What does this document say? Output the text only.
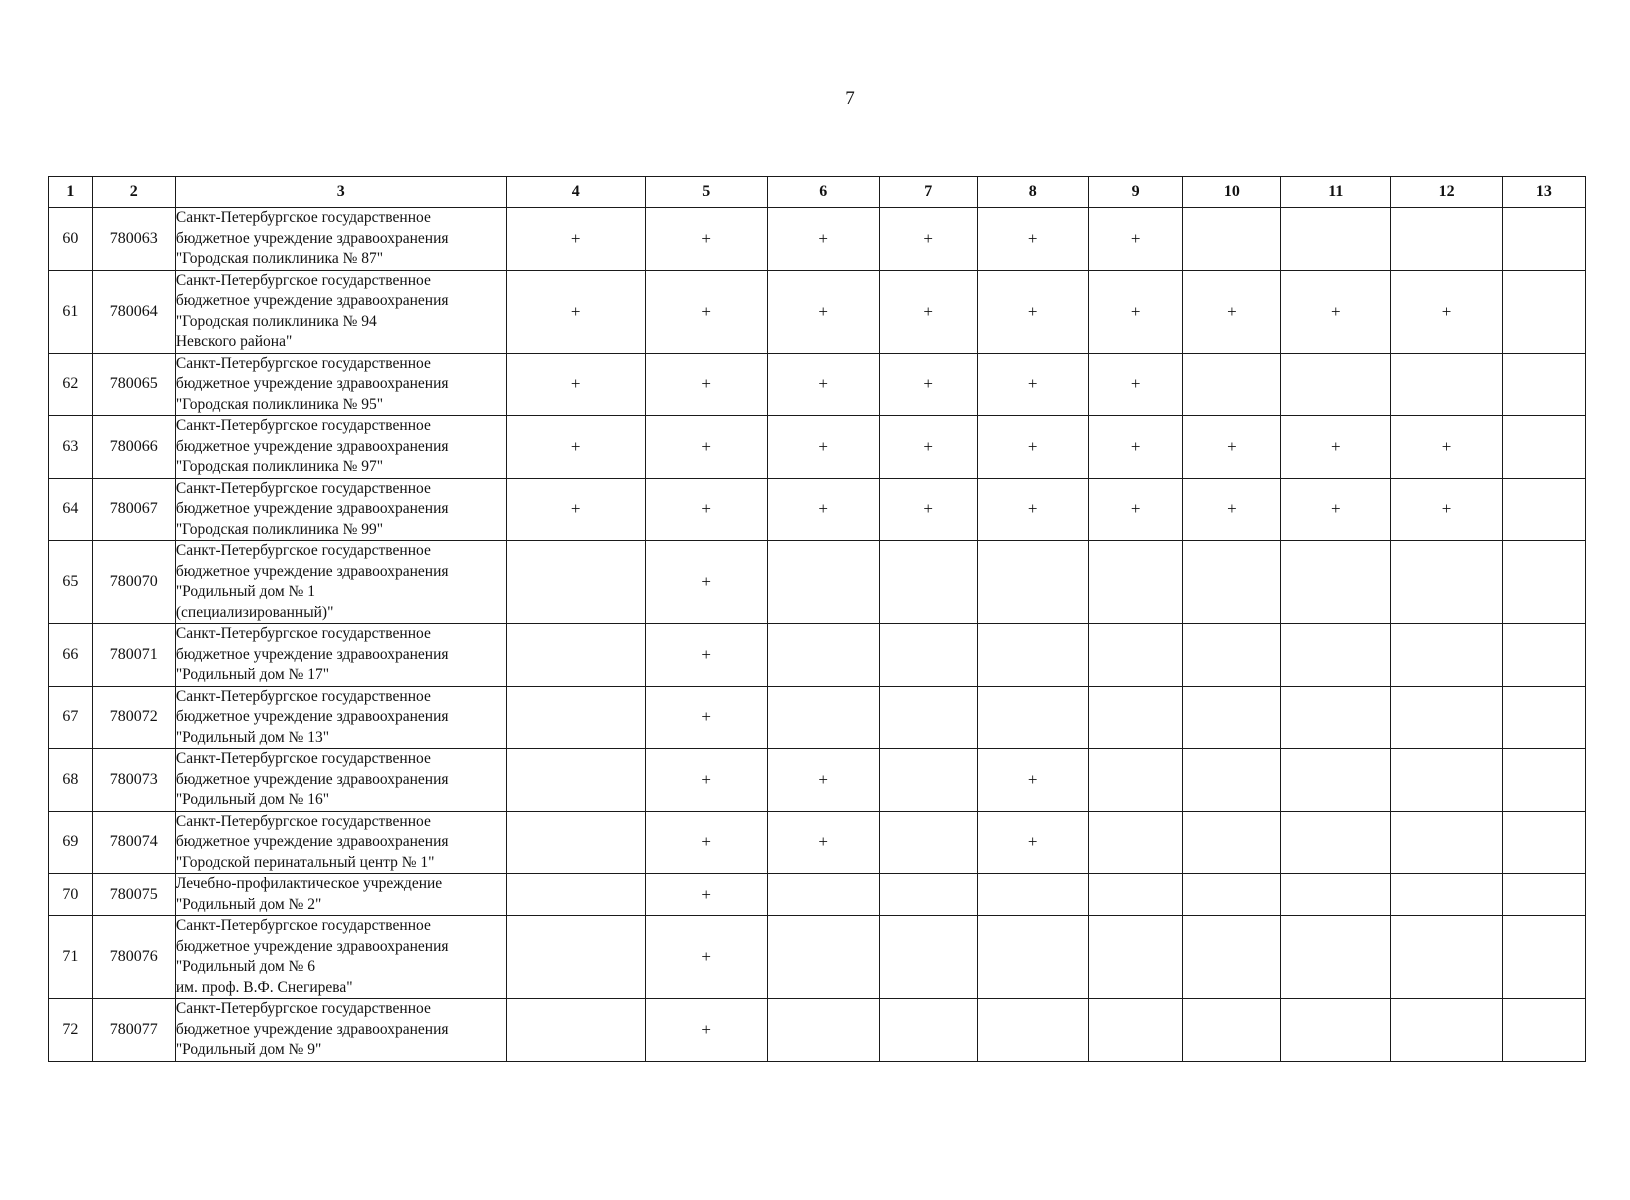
7
1	2	3	4	5	6	7	8	9	10	11	12	13
60	780063	Санкт-Петербургское государственное
бюджетное учреждение здравоохранения
"Городская поликлиника № 87"	+	+	+	+	+	+				
61	780064	Санкт-Петербургское государственное
бюджетное учреждение здравоохранения
"Городская поликлиника № 94
Невского района"	+	+	+	+	+	+	+	+	+	
62	780065	Санкт-Петербургское государственное
бюджетное учреждение здравоохранения
"Городская поликлиника № 95"	+	+	+	+	+	+				
63	780066	Санкт-Петербургское государственное
бюджетное учреждение здравоохранения
"Городская поликлиника № 97"	+	+	+	+	+	+	+	+	+	
64	780067	Санкт-Петербургское государственное
бюджетное учреждение здравоохранения
"Городская поликлиника № 99"	+	+	+	+	+	+	+	+	+	
65	780070	Санкт-Петербургское государственное
бюджетное учреждение здравоохранения
"Родильный дом № 1
(специализированный)"		+								
66	780071	Санкт-Петербургское государственное
бюджетное учреждение здравоохранения
"Родильный дом № 17"		+								
67	780072	Санкт-Петербургское государственное
бюджетное учреждение здравоохранения
"Родильный дом № 13"		+								
68	780073	Санкт-Петербургское государственное
бюджетное учреждение здравоохранения
"Родильный дом № 16"		+	+		+					
69	780074	Санкт-Петербургское государственное
бюджетное учреждение здравоохранения
"Городской перинатальный центр № 1"		+	+		+					
70	780075	Лечебно-профилактическое учреждение
"Родильный дом № 2"		+								
71	780076	Санкт-Петербургское государственное
бюджетное учреждение здравоохранения
"Родильный дом № 6
им. проф. В.Ф. Снегирева"		+								
72	780077	Санкт-Петербургское государственное
бюджетное учреждение здравоохранения
"Родильный дом № 9"		+								
